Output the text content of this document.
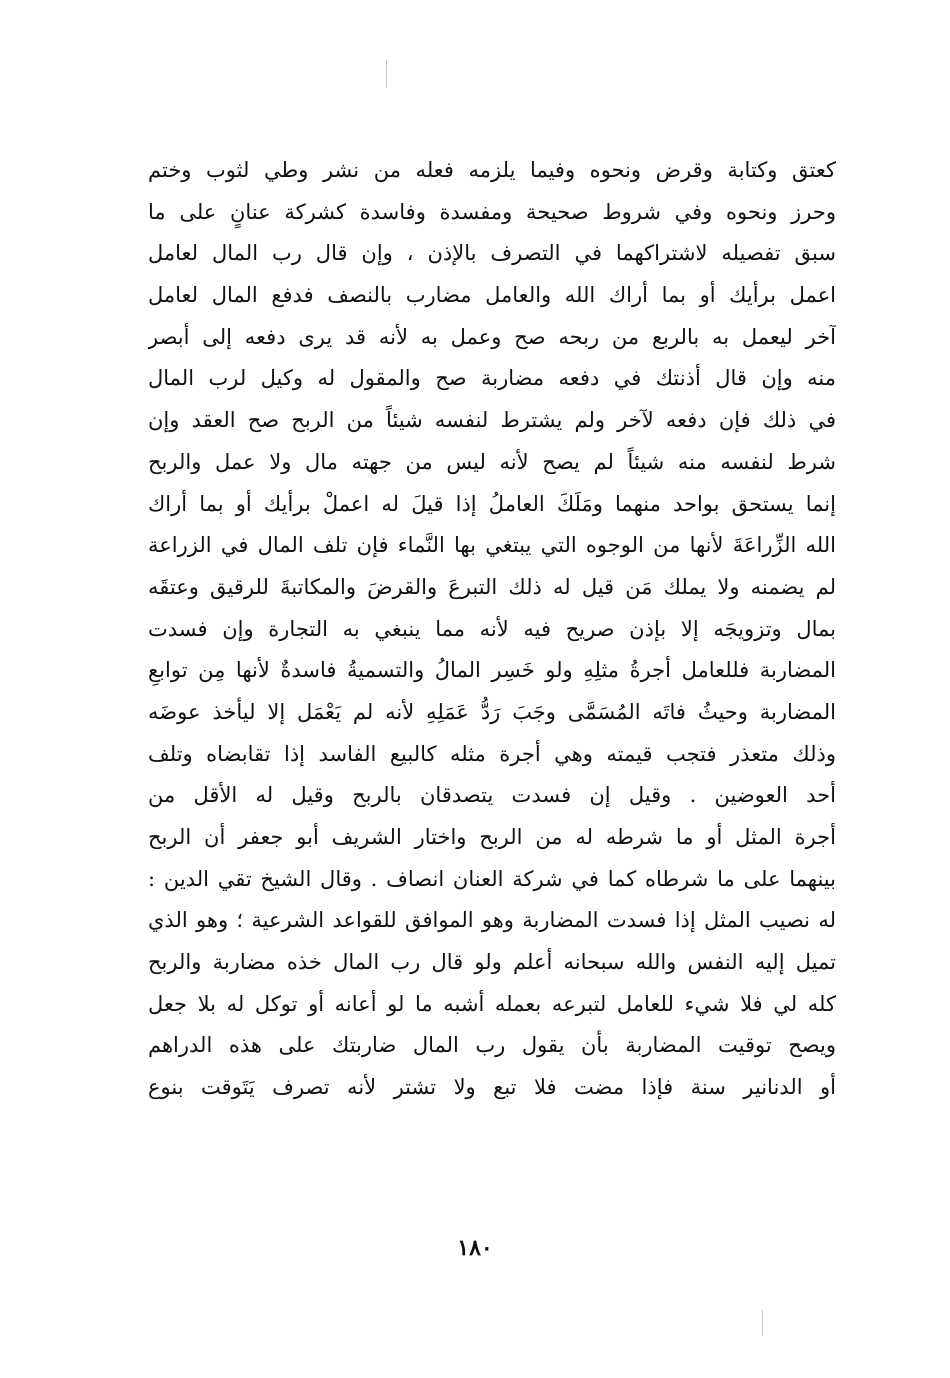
كعتق وكتابة وقرض ونحوه وفيما يلزمه فعله من نشر وطي لثوب وختم
وحرز ونحوه وفي شروط صحيحة ومفسدة وفاسدة كشركة عنانٍ على ما
سبق تفصيله لاشتراكهما في التصرف بالإذن ، وإن قال رب المال لعامل
اعمل برأيك أو بما أراك الله والعامل مضارب بالنصف فدفع المال لعامل
آخر ليعمل به بالربع من ربحه صح وعمل به لأنه قد يرى دفعه إلى أبصر
منه وإن قال أذنتك في دفعه مضاربة صح والمقول له وكيل لرب المال
في ذلك فإن دفعه لآخر ولم يشترط لنفسه شيئاً من الربح صح العقد وإن
شرط لنفسه منه شيئاً لم يصح لأنه ليس من جهته مال ولا عمل والربح
إنما يستحق بواحد منهما ومَلَكَ العاملُ إذا قيلَ له اعملْ برأيك أو بما أراك
الله الزِّراعَةَ لأنها من الوجوه التي يبتغي بها النَّماء فإن تلف المال في الزراعة
لم يضمنه ولا يملك مَن قيل له ذلك التبرعَ والقرضَ والمكاتبةَ للرقيق وعتقَه
بمال وتزويجَه إلا بإذن صريح فيه لأنه مما ينبغي به التجارة وإن فسدت
المضاربة فللعامل أجرةُ مثلِهِ ولو خَسِر المالُ والتسميةُ فاسدةٌ لأنها مِن توابعِ
المضاربة وحيثُ فاتَه المُسَمَّى وجَبَ رَدُّ عَمَلِهِ لأنه لم يَعْمَل إلا ليأخذ عوضَه
وذلك متعذر فتجب قيمته وهي أجرة مثله كالبيع الفاسد إذا تقابضاه وتلف
أحد العوضين . وقيل إن فسدت يتصدقان بالربح وقيل له الأقل من
أجرة المثل أو ما شرطه له من الربح واختار الشريف أبو جعفر أن الربح
بينهما على ما شرطاه كما في شركة العنان انصاف . وقال الشيخ تقي الدين :
له نصيب المثل إذا فسدت المضاربة وهو الموافق للقواعد الشرعية ؛ وهو الذي
تميل إليه النفس والله سبحانه أعلم ولو قال رب المال خذه مضاربة والربح
كله لي فلا شيء للعامل لتبرعه بعمله أشبه ما لو أعانه أو توكل له بلا جعل
ويصح توقيت المضاربة بأن يقول رب المال ضاربتك على هذه الدراهم
أو الدنانير سنة فإذا مضت فلا تبع ولا تشتر لأنه تصرف يَتَوقت بنوع
١٨٠
